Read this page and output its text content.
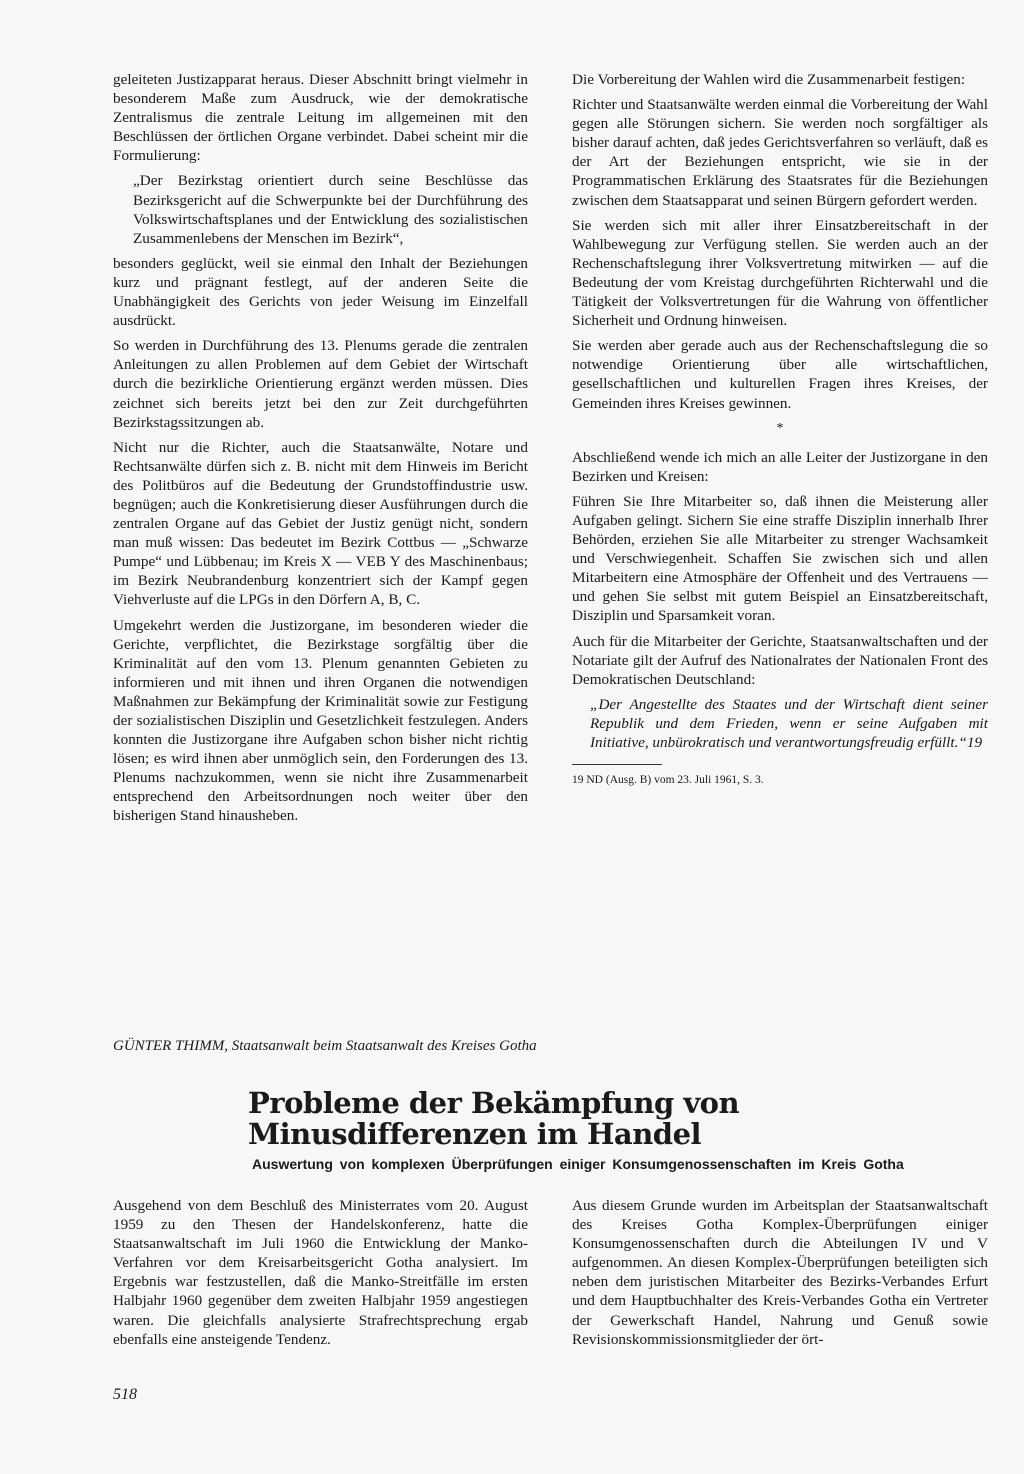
geleiteten Justizapparat heraus. Dieser Abschnitt bringt vielmehr in besonderem Maße zum Ausdruck, wie der demokratische Zentralismus die zentrale Leitung im allgemeinen mit den Beschlüssen der örtlichen Organe verbindet. Dabei scheint mir die Formulierung:

„Der Bezirkstag orientiert durch seine Beschlüsse das Bezirksgericht auf die Schwerpunkte bei der Durchführung des Volkswirtschaftsplanes und der Entwicklung des sozialistischen Zusammenlebens der Menschen im Bezirk“,

besonders geglückt, weil sie einmal den Inhalt der Beziehungen kurz und prägnant festlegt, auf der anderen Seite die Unabhängigkeit des Gerichts von jeder Weisung im Einzelfall ausdrückt.

So werden in Durchführung des 13. Plenums gerade die zentralen Anleitungen zu allen Problemen auf dem Gebiet der Wirtschaft durch die bezirkliche Orientierung ergänzt werden müssen. Dies zeichnet sich bereits jetzt bei den zur Zeit durchgeführten Bezirkstagssitzungen ab.

Nicht nur die Richter, auch die Staatsanwälte, Notare und Rechtsanwälte dürfen sich z. B. nicht mit dem Hinweis im Bericht des Politbüros auf die Bedeutung der Grundstoffindustrie usw. begnügen; auch die Konkretisierung dieser Ausführungen durch die zentralen Organe auf das Gebiet der Justiz genügt nicht, sondern man muß wissen: Das bedeutet im Bezirk Cottbus — „Schwarze Pumpe“ und Lübbenau; im Kreis X — VEB Y des Maschinenbaus; im Bezirk Neubrandenburg konzentriert sich der Kampf gegen Viehverluste auf die LPGs in den Dörfern A, B, C.

Umgekehrt werden die Justizorgane, im besonderen wieder die Gerichte, verpflichtet, die Bezirkstage sorgfältig über die Kriminalität auf den vom 13. Plenum genannten Gebieten zu informieren und mit ihnen und ihren Organen die notwendigen Maßnahmen zur Bekämpfung der Kriminalität sowie zur Festigung der sozialistischen Disziplin und Gesetzlichkeit festzulegen. Anders konnten die Justizorgane ihre Aufgaben schon bisher nicht richtig lösen; es wird ihnen aber unmöglich sein, den Forderungen des 13. Plenums nachzukommen, wenn sie nicht ihre Zusammenarbeit entsprechend den Arbeitsordnungen noch weiter über den bisherigen Stand hinausheben.

Die Vorbereitung der Wahlen wird die Zusammenarbeit festigen:

Richter und Staatsanwälte werden einmal die Vorbereitung der Wahl gegen alle Störungen sichern. Sie werden noch sorgfältiger als bisher darauf achten, daß jedes Gerichtsverfahren so verläuft, daß es der Art der Beziehungen entspricht, wie sie in der Programmatischen Erklärung des Staatsrates für die Beziehungen zwischen dem Staatsapparat und seinen Bürgern gefordert werden.

Sie werden sich mit aller ihrer Einsatzbereitschaft in der Wahlbewegung zur Verfügung stellen. Sie werden auch an der Rechenschaftslegung ihrer Volksvertretung mitwirken — auf die Bedeutung der vom Kreistag durchgeführten Richterwahl und die Tätigkeit der Volksvertretungen für die Wahrung von öffentlicher Sicherheit und Ordnung hinweisen.

Sie werden aber gerade auch aus der Rechenschaftslegung die so notwendige Orientierung über alle wirtschaftlichen, gesellschaftlichen und kulturellen Fragen ihres Kreises, der Gemeinden ihres Kreises gewinnen.

*

Abschließend wende ich mich an alle Leiter der Justizorgane in den Bezirken und Kreisen:

Führen Sie Ihre Mitarbeiter so, daß ihnen die Meisterung aller Aufgaben gelingt. Sichern Sie eine straffe Disziplin innerhalb Ihrer Behörden, erziehen Sie alle Mitarbeiter zu strenger Wachsamkeit und Verschwiegenheit. Schaffen Sie zwischen sich und allen Mitarbeitern eine Atmosphäre der Offenheit und des Vertrauens — und gehen Sie selbst mit gutem Beispiel an Einsatzbereitschaft, Disziplin und Sparsamkeit voran.

Auch für die Mitarbeiter der Gerichte, Staatsanwaltschaften und der Notariate gilt der Aufruf des Nationalrates der Nationalen Front des Demokratischen Deutschland:

„Der Angestellte des Staates und der Wirtschaft dient seiner Republik und dem Frieden, wenn er seine Aufgaben mit Initiative, unbürokratisch und verantwortungsfreudig erfüllt.“19

19 ND (Ausg. B) vom 23. Juli 1961, S. 3.
GÜNTER THIMM, Staatsanwalt beim Staatsanwalt des Kreises Gotha
Probleme der Bekämpfung von Minusdifferenzen im Handel
Auswertung von komplexen Überprüfungen einiger Konsumgenossenschaften im Kreis Gotha

Ausgehend von dem Beschluß des Ministerrates vom 20. August 1959 zu den Thesen der Handelskonferenz, hatte die Staatsanwaltschaft im Juli 1960 die Entwicklung der Manko-Verfahren vor dem Kreisarbeitsgericht Gotha analysiert. Im Ergebnis war festzustellen, daß die Manko-Streitfälle im ersten Halbjahr 1960 gegenüber dem zweiten Halbjahr 1959 angestiegen waren. Die gleichfalls analysierte Strafrechtsprechung ergab ebenfalls eine ansteigende Tendenz.

Aus diesem Grunde wurden im Arbeitsplan der Staatsanwaltschaft des Kreises Gotha Komplex-Überprüfungen einiger Konsumgenossenschaften durch die Abteilungen IV und V aufgenommen. An diesen Komplex-Überprüfungen beteiligten sich neben dem juristischen Mitarbeiter des Bezirks-Verbandes Erfurt und dem Hauptbuchhalter des Kreis-Verbandes Gotha ein Vertreter der Gewerkschaft Handel, Nahrung und Genuß sowie Revisionskommissionsmitglieder der ört-

518
